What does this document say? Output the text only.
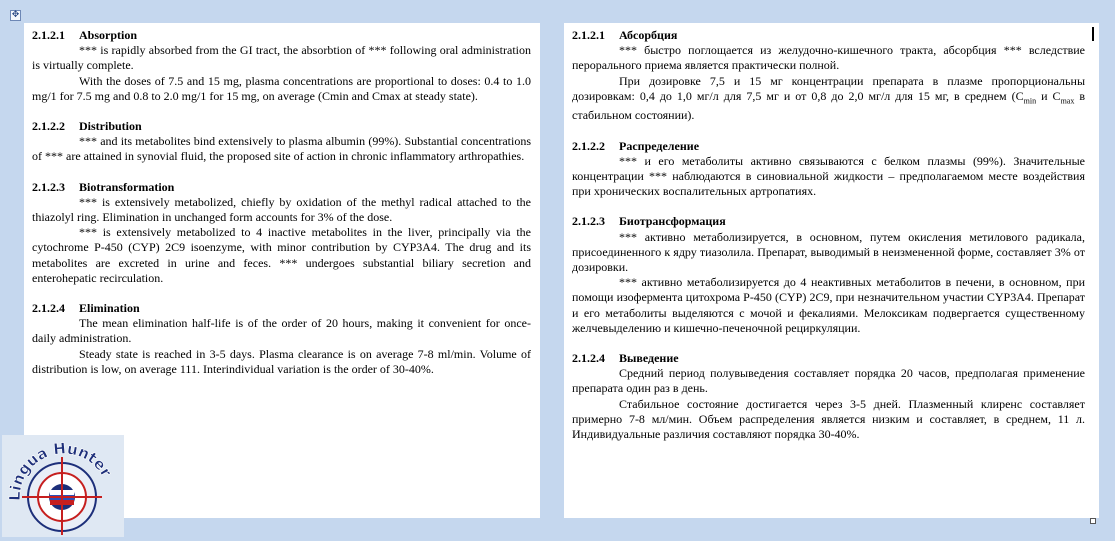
✥
2.1.2.1 Absorption

*** is rapidly absorbed from the GI tract, the absorbtion of *** following oral administration is virtually complete.

With the doses of 7.5 and 15 mg, plasma concentrations are proportional to doses: 0.4 to 1.0 mg/1 for 7.5 mg and 0.8 to 2.0 mg/1 for 15 mg, on average (Cmin and Cmax at steady state).

2.1.2.2 Distribution

*** and its metabolites bind extensively to plasma albumin (99%). Substantial concentrations of *** are attained in synovial fluid, the proposed site of action in chronic inflammatory arthropathies.

2.1.2.3 Biotransformation

*** is extensively metabolized, chiefly by oxidation of the methyl radical attached to the thiazolyl ring. Elimination in unchanged form accounts for 3% of the dose.

*** is extensively metabolized to 4 inactive metabolites in the liver, principally via the cytochrome P-450 (CYP) 2C9 isoenzyme, with minor contribution by CYP3A4. The drug and its metabolites are excreted in urine and feces. *** undergoes substantial biliary secretion and enterohepatic recirculation.

2.1.2.4 Elimination

The mean elimination half-life is of the order of 20 hours, making it convenient for once-daily administration.

Steady state is reached in 3-5 days. Plasma clearance is on average 7-8 ml/min. Volume of distribution is low, on average 111. Interindividual variation is the order of 30-40%.

2.1.2.1 Абсорбция

*** быстро поглощается из желудочно-кишечного тракта, абсорбция *** вследствие перорального приема является практически полной.

При дозировке 7,5 и 15 мг концентрации препарата в плазме пропорциональны дозировкам: 0,4 до 1,0 мг/л для 7,5 мг и от 0,8 до 2,0 мг/л для 15 мг, в среднем ($C_{min}$ и $C_{max}$ в стабильном состоянии).

2.1.2.2 Распределение

*** и его метаболиты активно связываются с белком плазмы (99%). Значительные концентрации *** наблюдаются в синовиальной жидкости – предполагаемом месте воздействия при хронических воспалительных артропатиях.

2.1.2.3 Биотрансформация

*** активно метаболизируется, в основном, путем окисления метилового радикала, присоединенного к ядру тиазолила. Препарат, выводимый в неизмененной форме, составляет 3% от дозировки.

*** активно метаболизируется до 4 неактивных метаболитов в печени, в основном, при помощи изофермента цитохрома P-450 (CYP) 2C9, при незначительном участии CYP3A4. Препарат и его метаболиты выделяются с мочой и фекалиями. Мелоксикам подвергается существенному желчевыделению и кишечно-печеночной рециркуляции.

2.1.2.4 Выведение

Средний период полувыведения составляет порядка 20 часов, предполагая применение препарата один раз в день.

Стабильное состояние достигается через 3-5 дней. Плазменный клиренс составляет примерно 7-8 мл/мин. Объем распределения является низким и составляет, в среднем, 11 л. Индивидуальные различия составляют порядка 30-40%.

Lingua Hunter
